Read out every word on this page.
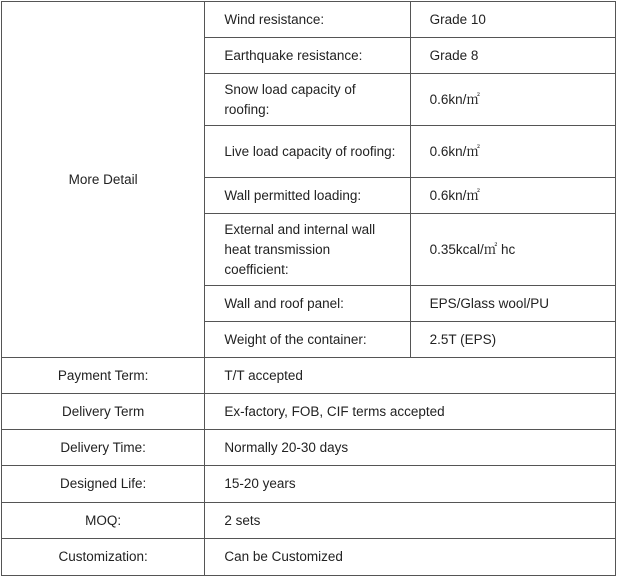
More Detail	Wind resistance:	Grade 10
	Earthquake resistance:	Grade 8
	Snow load capacity of roofing:	0.6kn/㎡
	Live load capacity of roofing:	0.6kn/㎡
	Wall permitted loading:	0.6kn/㎡
	External and internal wall heat transmission coefficient:	0.35kcal/㎡ hc
	Wall and roof panel:	EPS/Glass wool/PU
	Weight of the container:	2.5T (EPS)
Payment Term:	T/T accepted	
Delivery Term	Ex-factory, FOB, CIF terms accepted	
Delivery Time:	Normally 20-30 days	
Designed Life:	15-20 years	
MOQ:	2 sets	
Customization:	Can be Customized	
